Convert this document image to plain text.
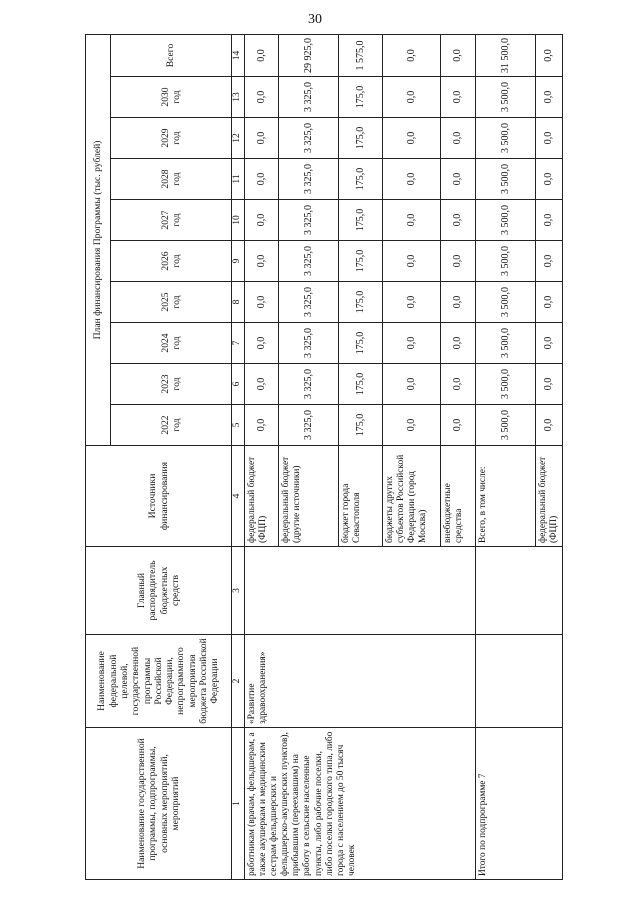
30
Наименование государственной программы, подпрограммы, основных мероприятий, мероприятий	Наименование федеральной целевой, государственной программы Российской Федерации, непрограммного мероприятия бюджета Российской Федерации	Главный распорядитель бюджетных средств	Источники финансирования	План финансирования Программы (тыс. рублей)									
				2022 год	2023 год	2024 год	2025 год	2026 год	2027 год	2028 год	2029 год	2030 год	Всего
1	2	3	4	5	6	7	8	9	10	11	12	13	14
работникам (врачам, фельдшерам, а также акушеркам и медицинским сестрам фельдшерских и фельдшерско-акушерских пунктов), прибывшим (переехавшим) на работу в сельские населенные пункты, либо рабочие поселки, либо поселки городского типа, либо города с населением до 50 тысяч человек	«Развитие здравоохранения»		федеральный бюджет (ФЦП)	0,0	0,0	0,0	0,0	0,0	0,0	0,0	0,0	0,0	0,0
			федеральный бюджет (другие источники)	3 325,0	3 325,0	3 325,0	3 325,0	3 325,0	3 325,0	3 325,0	3 325,0	3 325,0	29 925,0
			бюджет города Севастополя	175,0	175,0	175,0	175,0	175,0	175,0	175,0	175,0	175,0	1 575,0
			бюджеты других субъектов Российской Федерации (город Москва)	0,0	0,0	0,0	0,0	0,0	0,0	0,0	0,0	0,0	0,0
			внебюджетные средства	0,0	0,0	0,0	0,0	0,0	0,0	0,0	0,0	0,0	0,0
Итого по подпрограмме 7			Всего, в том числе:	3 500,0	3 500,0	3 500,0	3 500,0	3 500,0	3 500,0	3 500,0	3 500,0	3 500,0	31 500,0
			федеральный бюджет (ФЦП)	0,0	0,0	0,0	0,0	0,0	0,0	0,0	0,0	0,0	0,0
